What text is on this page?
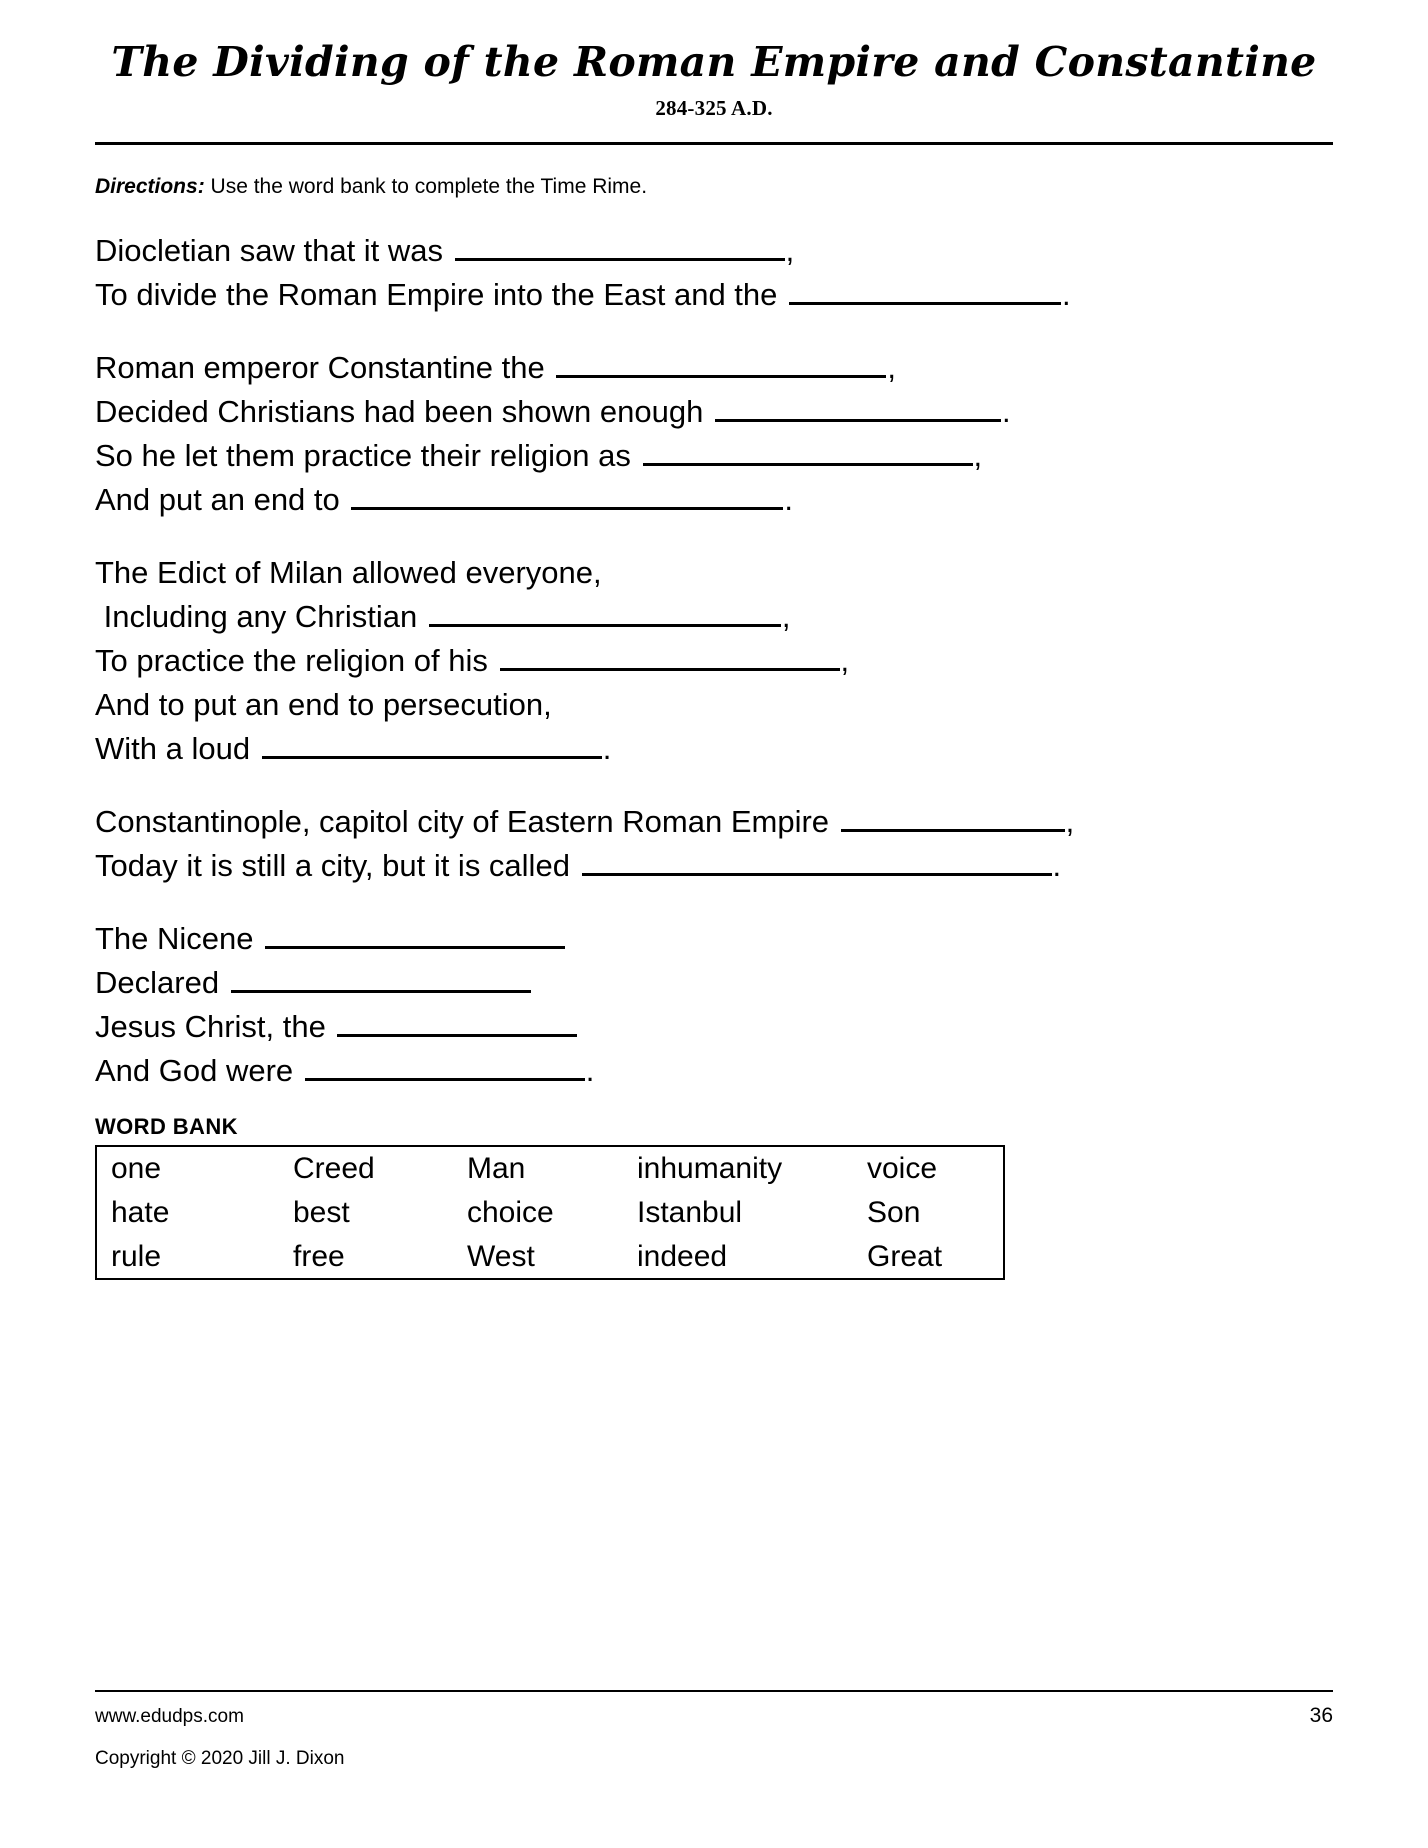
The Dividing of the Roman Empire and Constantine
284-325 A.D.
Directions: Use the word bank to complete the Time Rime.
Diocletian saw that it was	,
To divide the Roman Empire into the East and the	.
Roman emperor Constantine the	,
Decided Christians had been shown enough	.
So he let them practice their religion as	,
And put an end to	.
The Edict of Milan allowed everyone,
Including any Christian	,
To practice the religion of his	,
And to put an end to persecution,
With a loud	.
Constantinople, capitol city of Eastern Roman Empire	,
Today it is still a city, but it is called	.
The Nicene
Declared
Jesus Christ, the
And God were	.
WORD BANK
one	Creed	Man	inhumanity	voice
hate	best	choice	Istanbul	Son
rule	free	West	indeed	Great
www.edudps.com	36
Copyright © 2020 Jill J. Dixon
